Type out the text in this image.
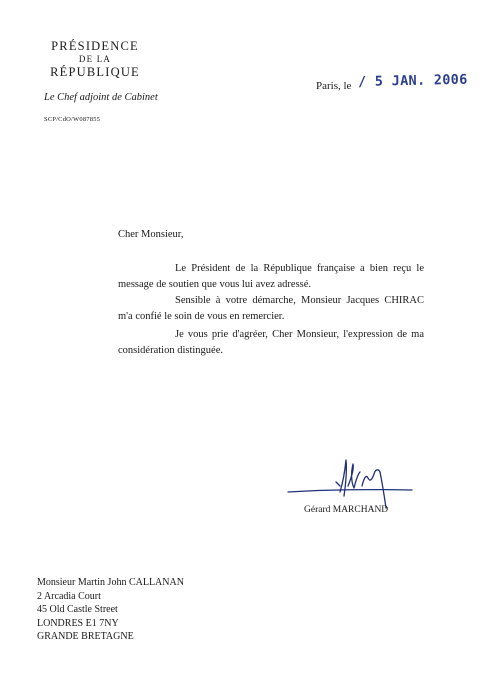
PRÉSIDENCE
DE LA
RÉPUBLIQUE
Le Chef adjoint de Cabinet
SCP/CdO/W087855
Paris, le / 5 JAN. 2006
Cher Monsieur,

Le Président de la République française a bien reçu le message de soutien que vous lui avez adressé.

Sensible à votre démarche, Monsieur Jacques CHIRAC m'a confié le soin de vous en remercier.

Je vous prie d'agréer, Cher Monsieur, l'expression de ma considération distinguée.

Gérard MARCHAND
Monsieur Martin John CALLANAN
2 Arcadia Court
45 Old Castle Street
LONDRES E1 7NY
GRANDE BRETAGNE
